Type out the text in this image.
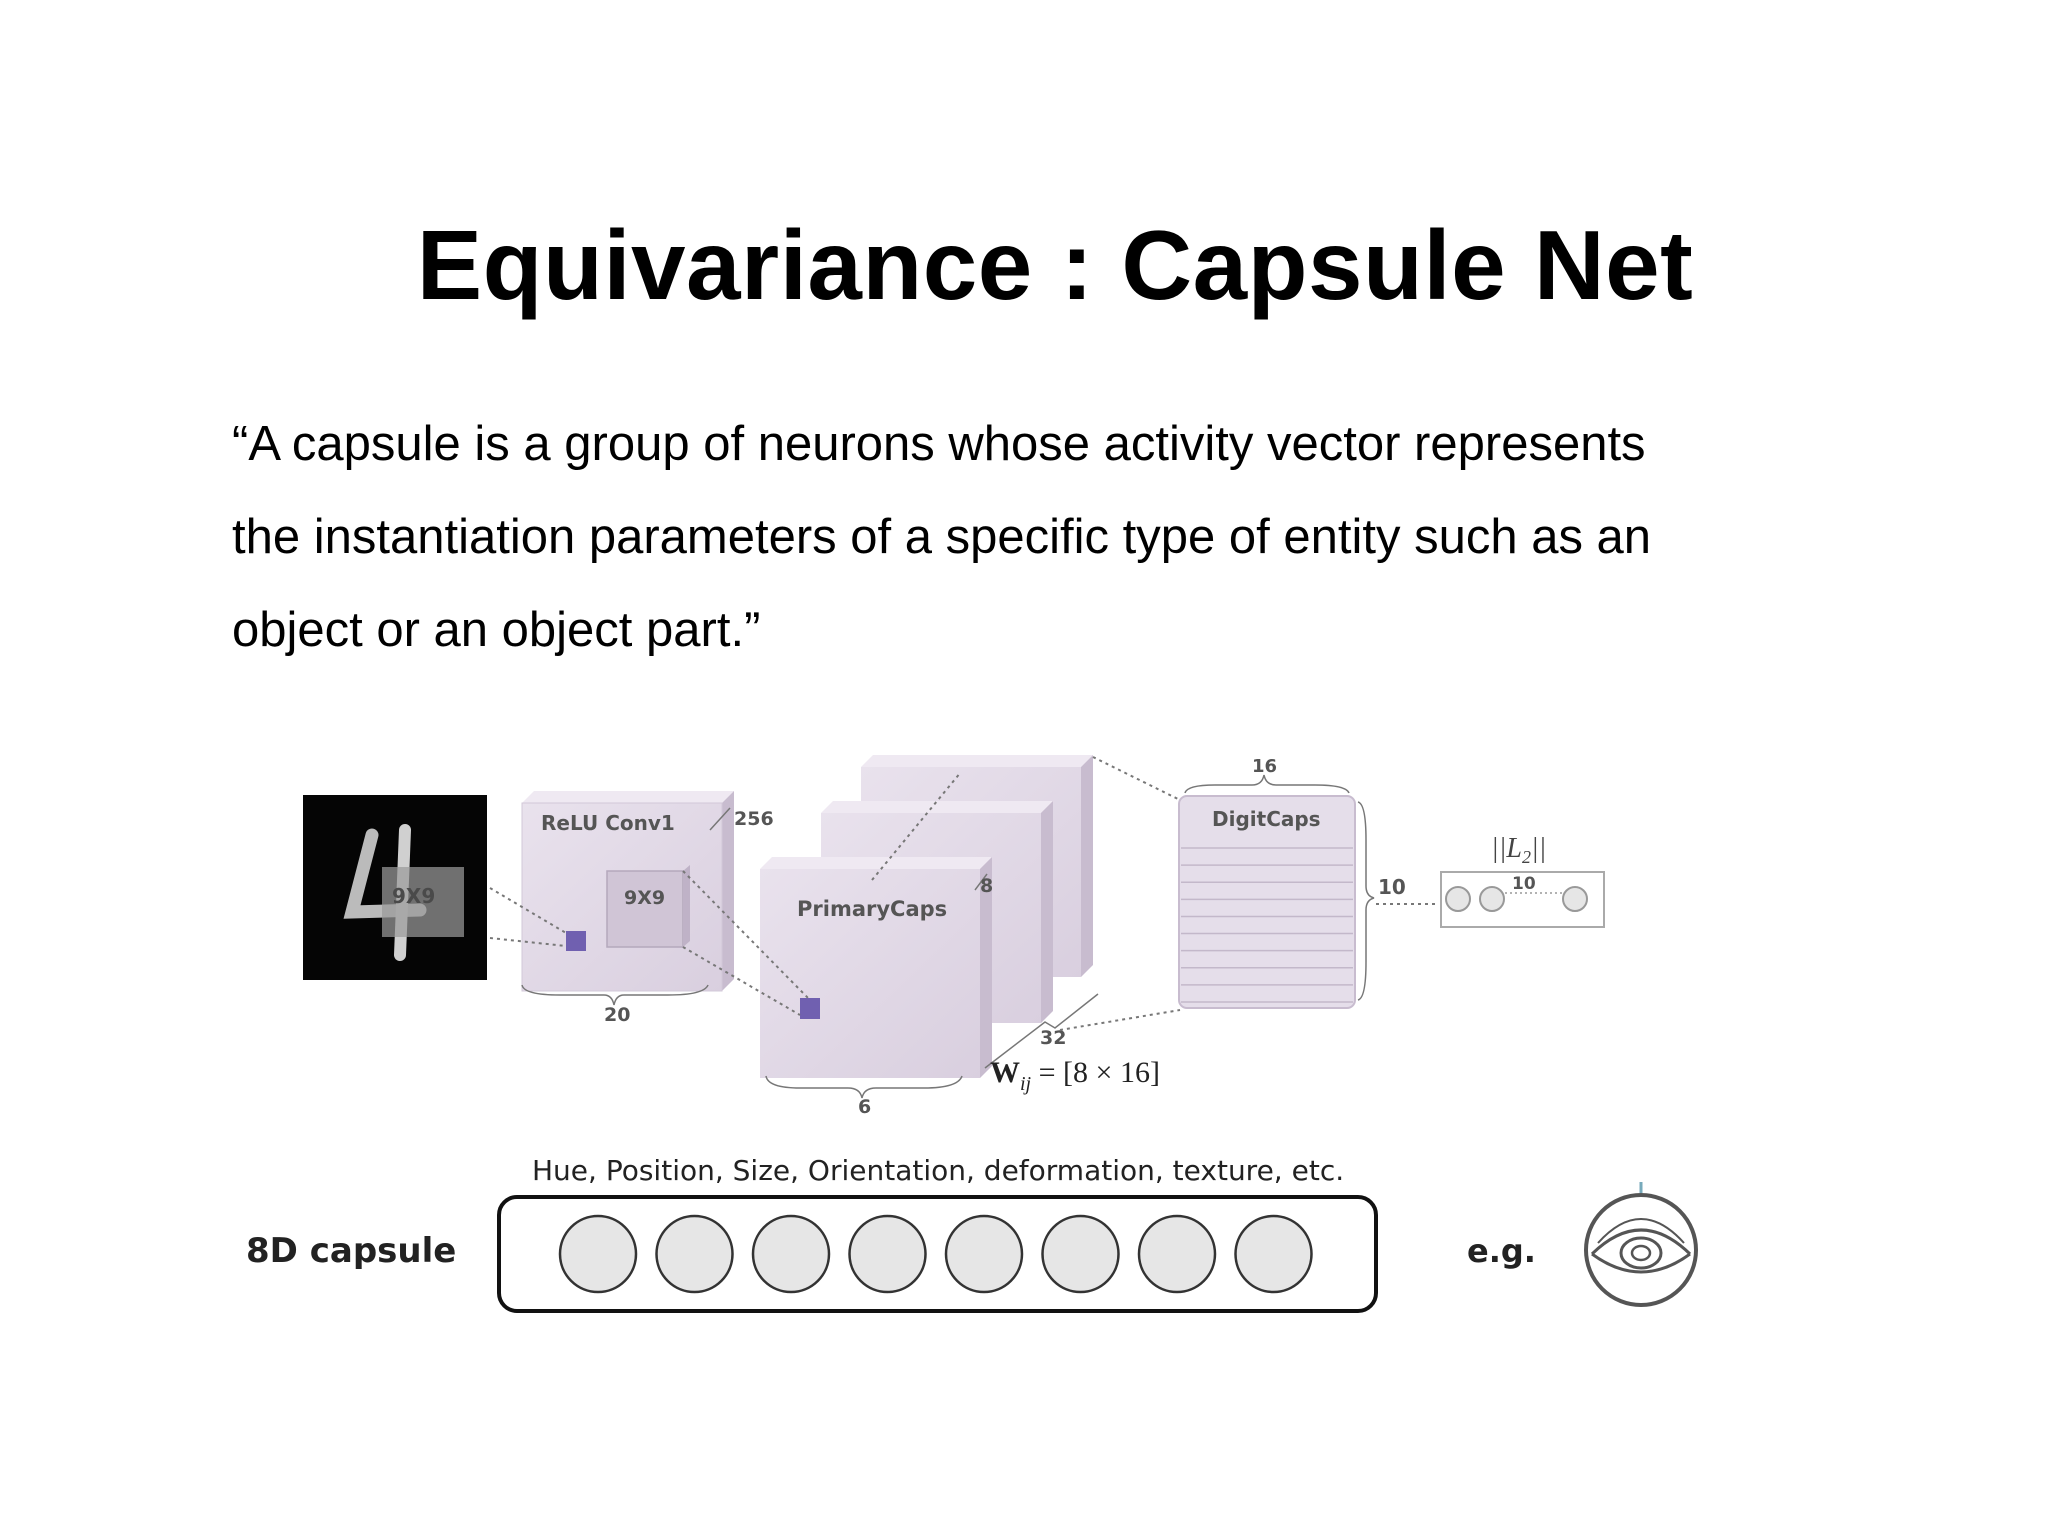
Equivariance : Capsule Net
“A capsule is a group of neurons whose activity vector represents
the instantiation parameters of a specific type of entity such as an
object or an object part.”
9X9
ReLU Conv1
9X9
256
20
PrimaryCaps
8
6
32
DigitCaps
16
10	10
$||L_2||$
$W_{ij} = [8 \times 16]$
Hue, Position, Size, Orientation, deformation, texture, etc.
8D capsule	e.g.
